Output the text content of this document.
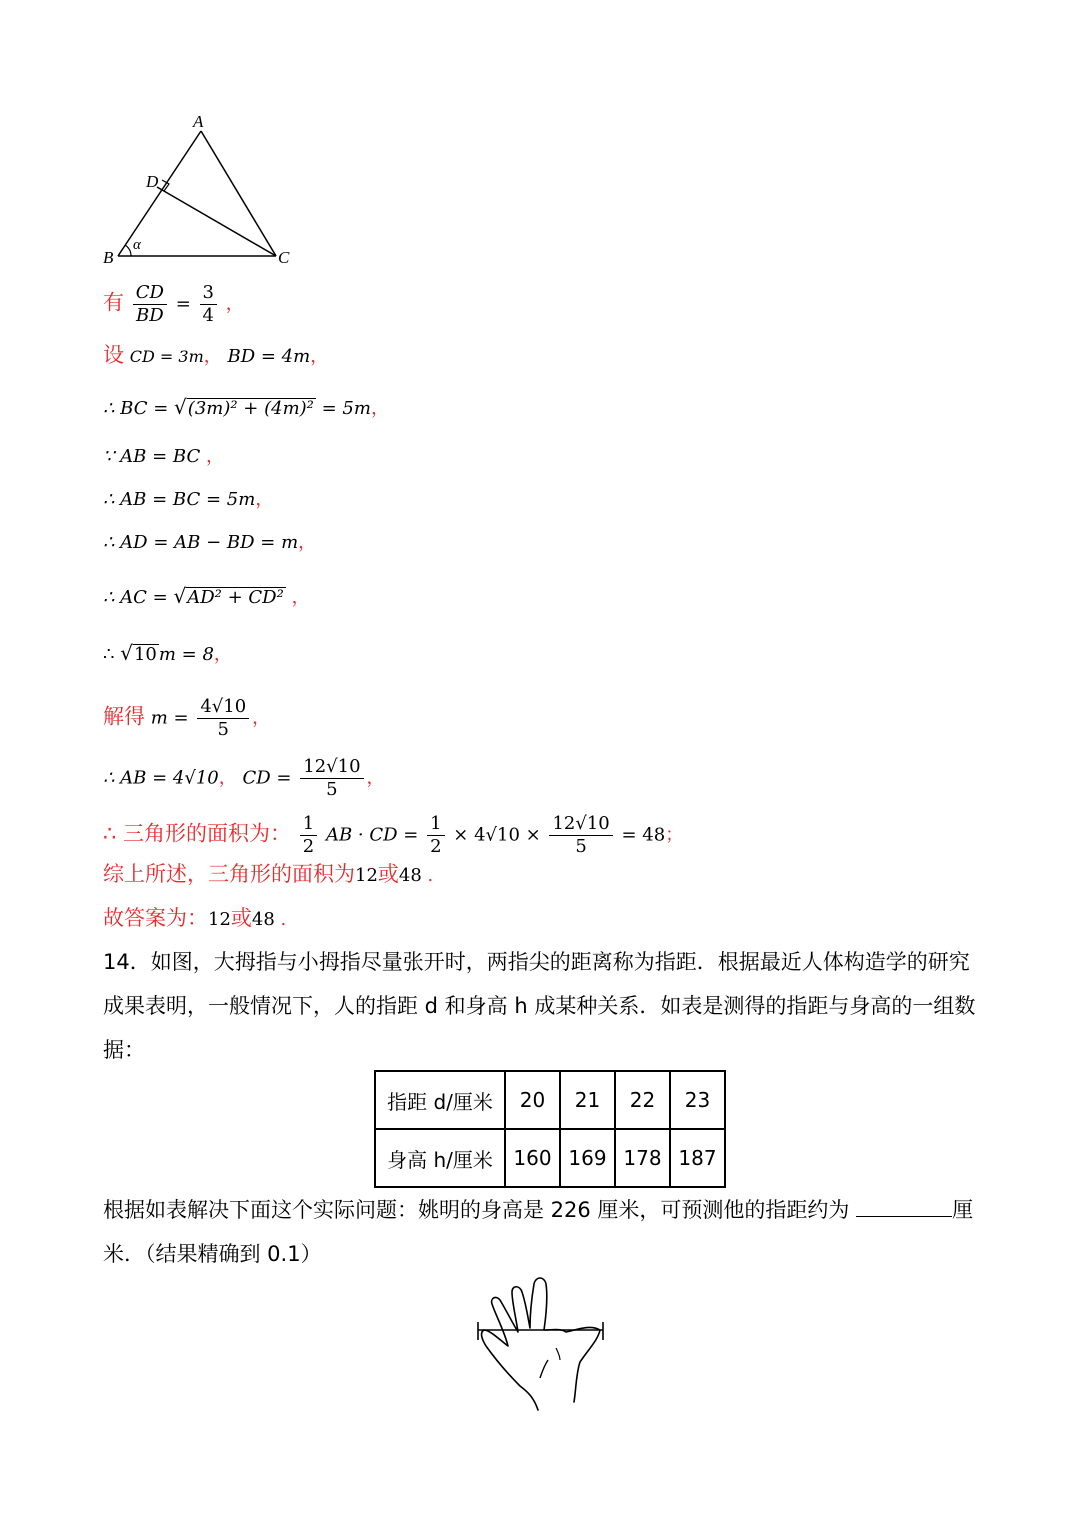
A
D
B	C
α
有 $\frac{CD}{BD} = \frac{3}{4}$ ，
设 CD = 3m， BD = 4m，
∴ BC = √(3m)² + (4m)² = 5m，
∵ AB = BC ，
∴ AB = BC = 5m，
∴ AD = AB − BD = m，
∴ AC = √AD² + CD² ，
∴ √10 m = 8，
解得 $m = \frac{4√10}{5}$ ，
∴ AB = 4√10， CD = $\frac{12√10}{5}$ ，
∴ 三角形的面积为： $\frac{1}{2}$ AB · CD = $\frac{1}{2} \times 4√10 \times \frac{12√10}{5} = 48$；
综上所述，三角形的面积为12或48 .
故答案为：12或48 .
14．如图，大拇指与小拇指尽量张开时，两指尖的距离称为指距．根据最近人体构造学的研究成果表明，一般情况下，人的指距 d 和身高 h 成某种关系．如表是测得的指距与身高的一组数据：
指距 d/厘米	20	21	22	23
身高 h/厘米	160	169	178	187
根据如表解决下面这个实际问题：姚明的身高是 226 厘米，可预测他的指距约为	厘
米．（结果精确到 0.1）
